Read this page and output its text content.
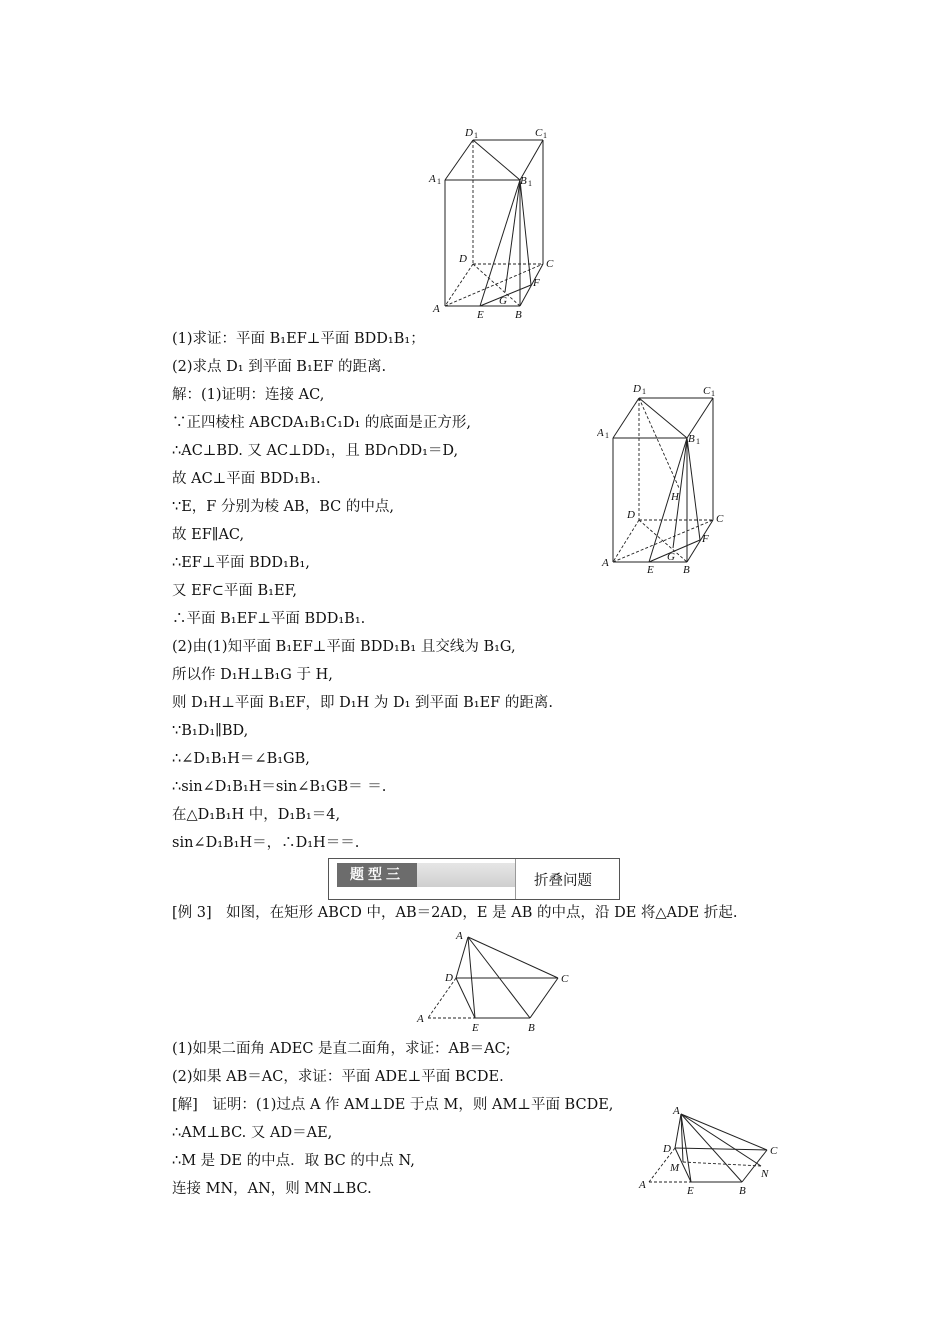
D 1	C 1
A 1	B 1
D	C
A	B
E
F
G
D 1	C 1
A 1	B 1
H
D	C
A
B
E
F
G
(1)求证：平面 B₁EF⊥平面 BDD₁B₁；
(2)求点 D₁ 到平面 B₁EF 的距离.
解：(1)证明：连接 AC,
∵正四棱柱 ABCDA₁B₁C₁D₁ 的底面是正方形,
∴AC⊥BD. 又 AC⊥DD₁，且 BD∩DD₁＝D,
故 AC⊥平面 BDD₁B₁.
∵E，F 分别为棱 AB，BC 的中点,
故 EF∥AC,
∴EF⊥平面 BDD₁B₁,
又 EF⊂平面 B₁EF,
∴平面 B₁EF⊥平面 BDD₁B₁.
(2)由(1)知平面 B₁EF⊥平面 BDD₁B₁ 且交线为 B₁G,
所以作 D₁H⊥B₁G 于 H,
则 D₁H⊥平面 B₁EF，即 D₁H 为 D₁ 到平面 B₁EF 的距离.
∵B₁D₁∥BD,
∴∠D₁B₁H＝∠B₁GB,
∴sin∠D₁B₁H＝sin∠B₁GB＝ ＝.
在△D₁B₁H 中，D₁B₁＝4,
sin∠D₁B₁H＝，∴D₁H＝＝.
题型三	折叠问题
[例 3]　如图，在矩形 ABCD 中，AB＝2AD，E 是 AB 的中点，沿 DE 将△ADE 折起.
A
D	C
A
E	B
(1)如果二面角 ADEC 是直二面角，求证：AB＝AC;
(2)如果 AB＝AC，求证：平面 ADE⊥平面 BCDE.
[解]　证明：(1)过点 A 作 AM⊥DE 于点 M，则 AM⊥平面 BCDE,
∴AM⊥BC. 又 AD＝AE,
∴M 是 DE 的中点．取 BC 的中点 N,
连接 MN，AN，则 MN⊥BC.
A
D	C
M	N
A	E	B
